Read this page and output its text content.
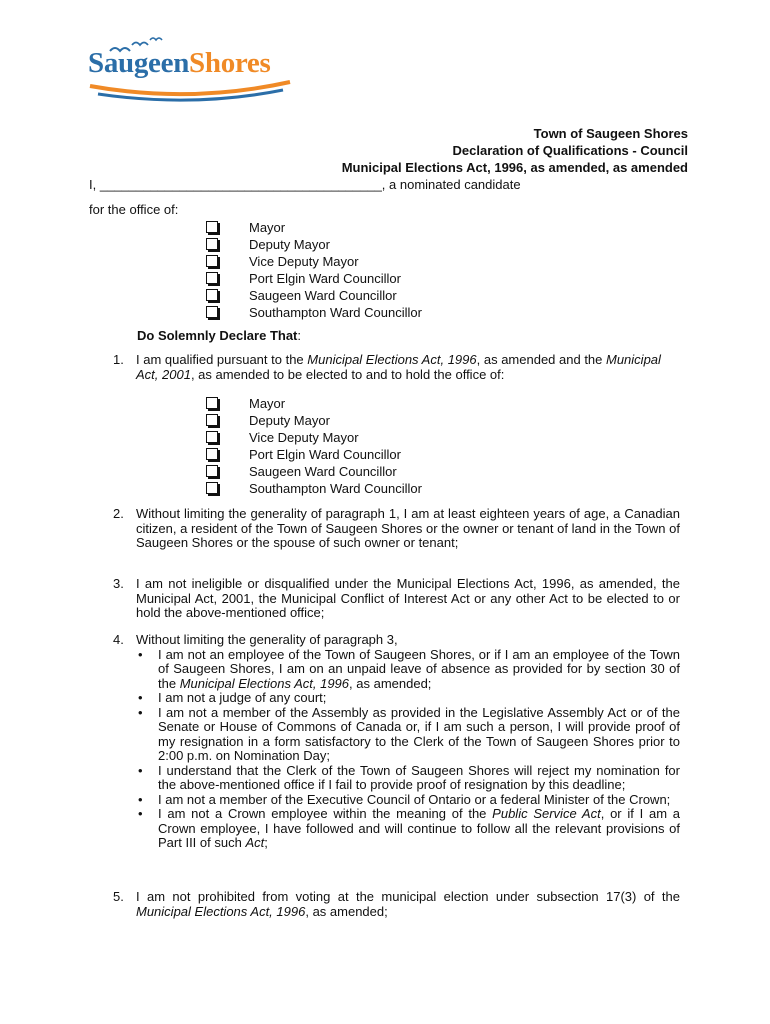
SaugeenShores
Town of Saugeen Shores
Declaration of Qualifications - Council
Municipal Elections Act, 1996, as amended, as amended
I, _______________________________________, a nominated candidate
for the office of:
Mayor
Deputy Mayor
Vice Deputy Mayor
Port Elgin Ward Councillor
Saugeen Ward Councillor
Southampton Ward Councillor
Do Solemnly Declare That:
1. I am qualified pursuant to the Municipal Elections Act, 1996, as amended and the Municipal Act, 2001, as amended to be elected to and to hold the office of:
Mayor
Deputy Mayor
Vice Deputy Mayor
Port Elgin Ward Councillor
Saugeen Ward Councillor
Southampton Ward Councillor
2. Without limiting the generality of paragraph 1, I am at least eighteen years of age, a Canadian citizen, a resident of the Town of Saugeen Shores or the owner or tenant of land in the Town of Saugeen Shores or the spouse of such owner or tenant;
3. I am not ineligible or disqualified under the Municipal Elections Act, 1996, as amended, the Municipal Act, 2001, the Municipal Conflict of Interest Act or any other Act to be elected to or hold the above-mentioned office;
4. Without limiting the generality of paragraph 3,
• I am not an employee of the Town of Saugeen Shores, or if I am an employee of the Town of Saugeen Shores, I am on an unpaid leave of absence as provided for by section 30 of the Municipal Elections Act, 1996, as amended;
• I am not a judge of any court;
• I am not a member of the Assembly as provided in the Legislative Assembly Act or of the Senate or House of Commons of Canada or, if I am such a person, I will provide proof of my resignation in a form satisfactory to the Clerk of the Town of Saugeen Shores prior to 2:00 p.m. on Nomination Day;
• I understand that the Clerk of the Town of Saugeen Shores will reject my nomination for the above-mentioned office if I fail to provide proof of resignation by this deadline;
• I am not a member of the Executive Council of Ontario or a federal Minister of the Crown;
• I am not a Crown employee within the meaning of the Public Service Act, or if I am a Crown employee, I have followed and will continue to follow all the relevant provisions of Part III of such Act;
5. I am not prohibited from voting at the municipal election under subsection 17(3) of the Municipal Elections Act, 1996, as amended;
